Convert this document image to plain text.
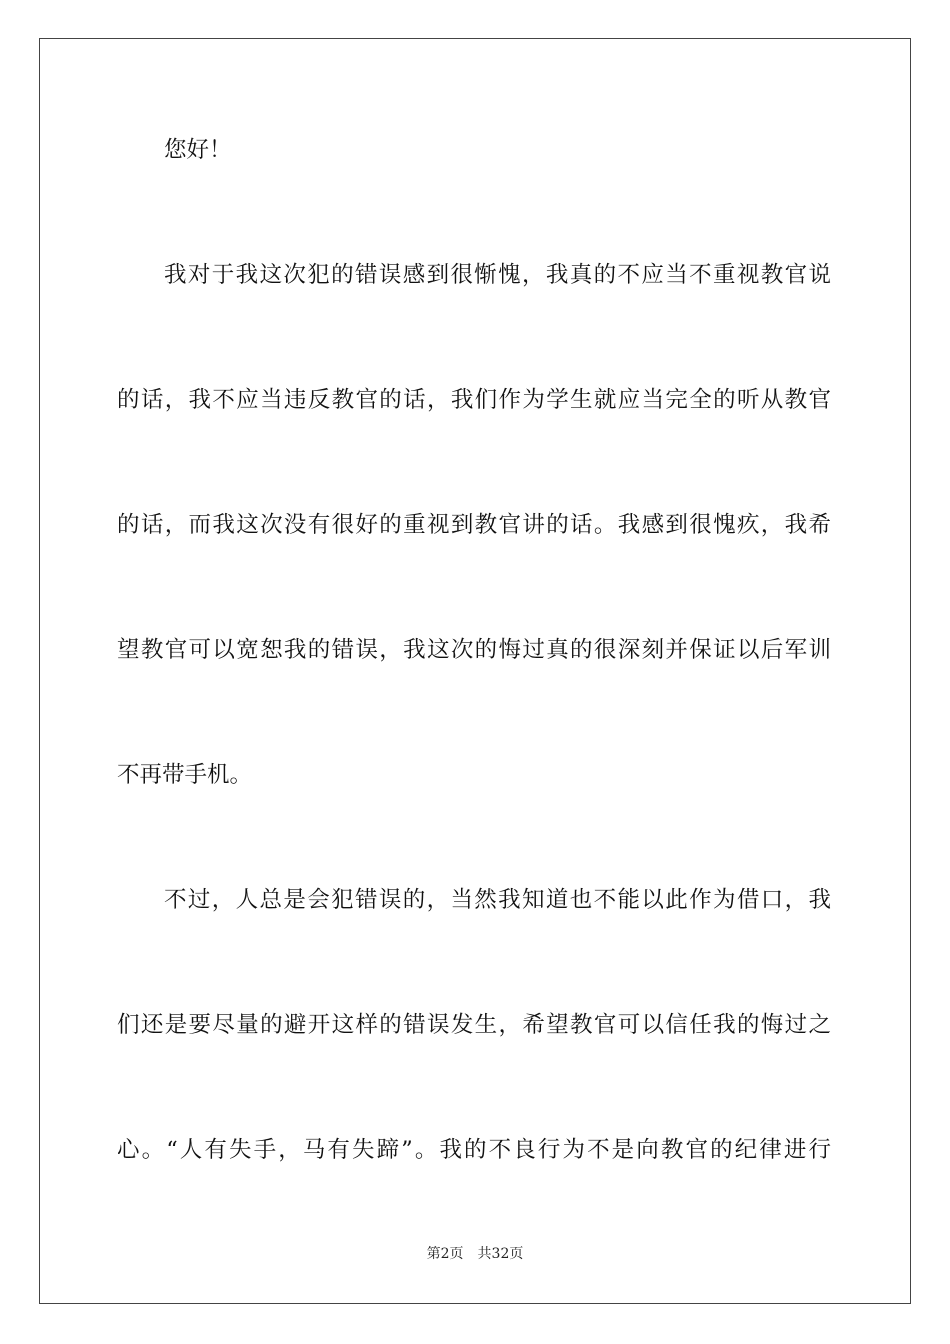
您好！
我对于我这次犯的错误感到很惭愧，我真的不应当不重视教官说
的话，我不应当违反教官的话，我们作为学生就应当完全的听从教官
的话，而我这次没有很好的重视到教官讲的话。我感到很愧疚，我希
望教官可以宽恕我的错误，我这次的悔过真的很深刻并保证以后军训
不再带手机。
不过，人总是会犯错误的，当然我知道也不能以此作为借口，我
们还是要尽量的避开这样的错误发生，希望教官可以信任我的悔过之
心。“人有失手，马有失蹄”。我的不良行为不是向教官的纪律进行
第2页 共32页
